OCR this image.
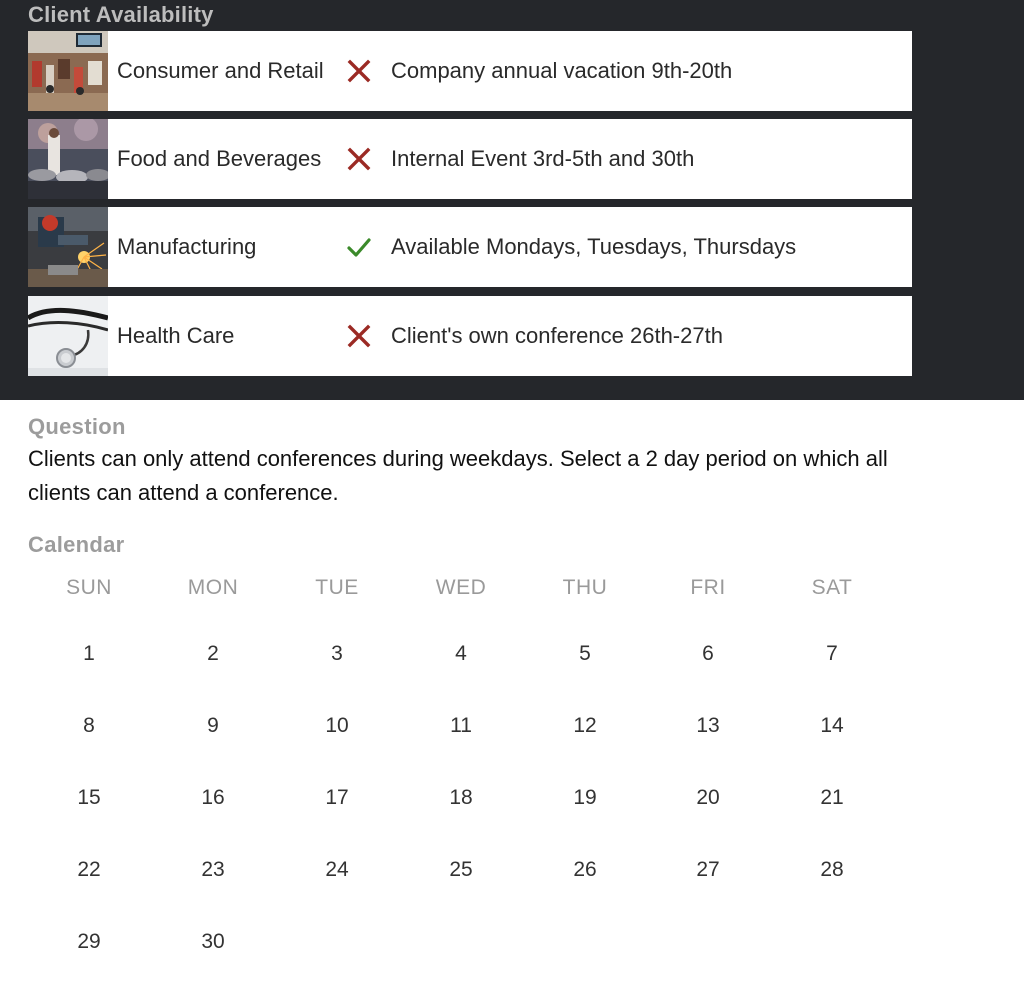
Client Availability
Consumer and Retail	Company annual vacation 9th-20th
Food and Beverages	Internal Event 3rd-5th and 30th
Manufacturing	Available Mondays, Tuesdays, Thursdays
Health Care	Client's own conference 26th-27th
Question
Clients can only attend conferences during weekdays. Select a 2 day period on which all clients can attend a conference.
Calendar
SUN	MON	TUE	WED	THU	FRI	SAT
1	2	3	4	5	6	7
8	9	10	11	12	13	14
15	16	17	18	19	20	21
22	23	24	25	26	27	28
29	30
